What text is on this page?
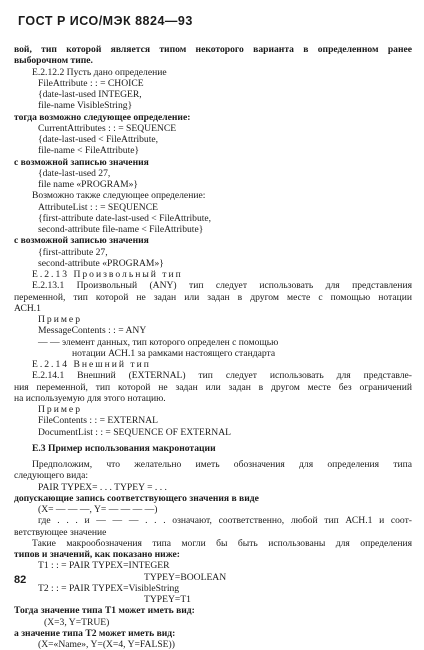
ГОСТ Р ИСО/МЭК 8824—93
вой, тип которой является типом некоторого варианта в определенном ранее
выборочном типе.
E.2.12.2 Пусть дано определение
FileAttribute : : = CHOICE
{date-last-used INTEGER,
file-name VisibleString}
тогда возможно следующее определение:
CurrentAttributes : : = SEQUENCE
{date-last-used < FileAttribute,
file-name < FileAttribute}
с возможной записью значения
{date-last-used 27,
file name «PROGRAM»}
Возможно также следующее определение:
AttributeList : : = SEQUENCE
{first-attribute date-last-used < FileAttribute,
second-attribute file-name < FileAttribute}
с возможной записью значения
{first-attribute 27,
second-attribute «PROGRAM»}
E.2.13 Произвольный тип
E.2.13.1 Произвольный (ANY) тип следует использовать для представления
переменной, тип которой не задан или задан в другом месте с помощью нотации
АСН.1
Пример
MessageContents : : = ANY
— — элемент данных, тип которого определен с помощью
нотации АСН.1 за рамками настоящего стандарта
E.2.14 Внешний тип
E.2.14.1 Внешний (EXTERNAL) тип следует использовать для представле-
ния переменной, тип которой не задан или задан в другом месте без ограничений
на используемую для этого нотацию.
Пример
FileContents : : = EXTERNAL
DocumentList : : = SEQUENCE OF EXTERNAL
Е.3 Пример использования макронотации
Предположим, что желательно иметь обозначения для определения типа
следующего вида:
PAIR TYPEX= . . . TYPEY = . . .
допускающие запись соответствующего значения в виде
(X= — — —, Y= — — — —)
где . . . и — — — . . . означают, соответственно, любой тип АСН.1 и соот-
ветствующее значение
Такие макрообозначения типа могли бы быть использованы для определения
типов и значений, как показано ниже:
T1 : : = PAIR TYPEX=INTEGER
TYPEY=BOOLEAN
T2 : : = PAIR TYPEX=VisibleString
TYPEY=T1
Тогда значение типа T1 может иметь вид:
(X=3, Y=TRUE)
а значение типа T2 может иметь вид:
(X=«Name», Y=(X=4, Y=FALSE))
82
